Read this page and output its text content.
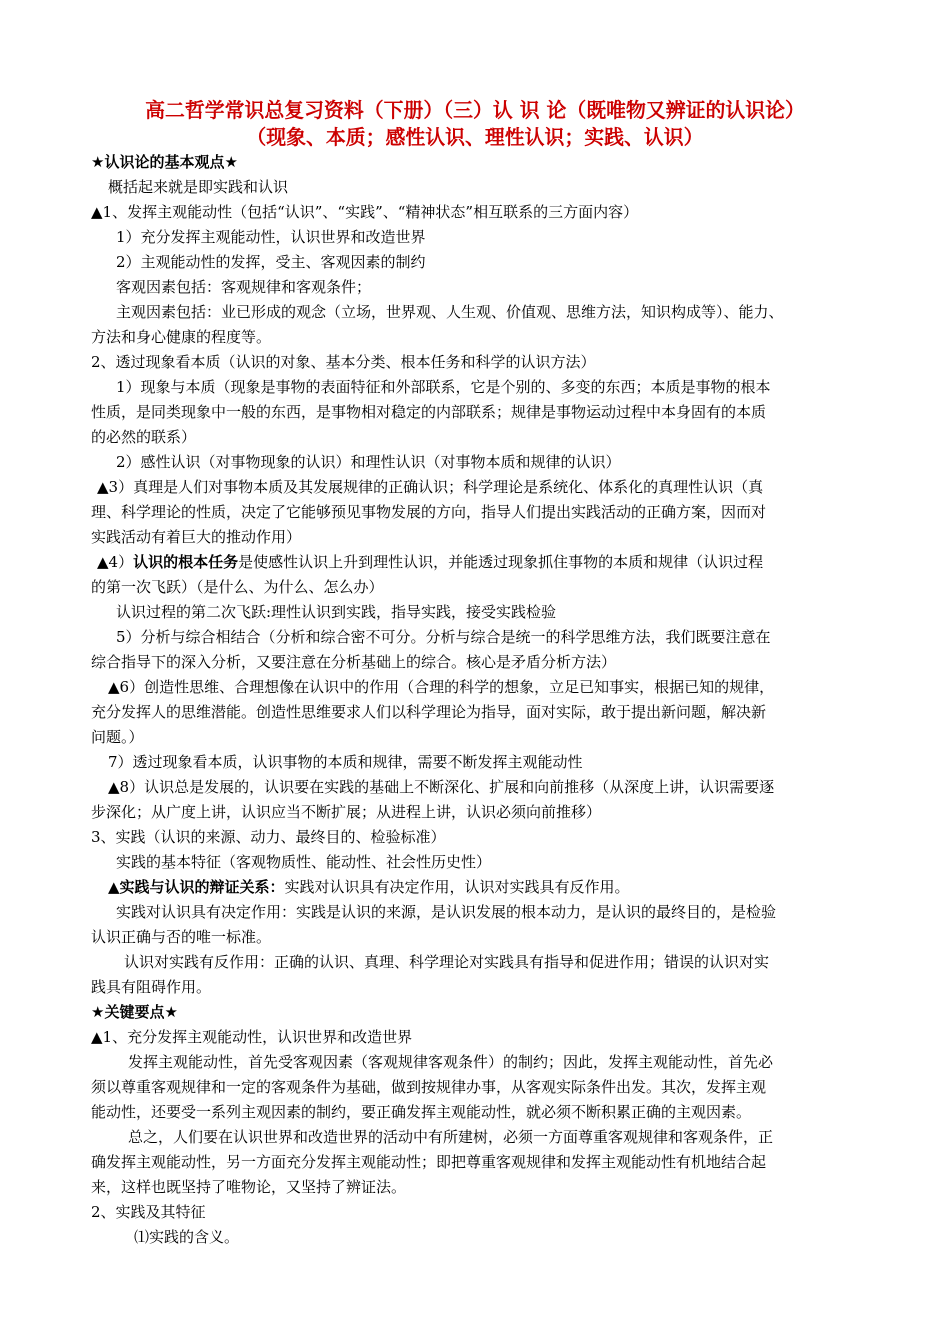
高二哲学常识总复习资料（下册）（三）认 识 论（既唯物又辨证的认识论）
（现象、本质；感性认识、理性认识；实践、认识）
★认识论的基本观点★
概括起来就是即实践和认识
▲1、发挥主观能动性（包括“认识”、“实践”、“精神状态”相互联系的三方面内容）
1）充分发挥主观能动性，认识世界和改造世界
2）主观能动性的发挥，受主、客观因素的制约
客观因素包括：客观规律和客观条件；
主观因素包括：业已形成的观念（立场，世界观、人生观、价值观、思维方法，知识构成等）、能力、
方法和身心健康的程度等。
2、透过现象看本质（认识的对象、基本分类、根本任务和科学的认识方法）
1）现象与本质（现象是事物的表面特征和外部联系，它是个别的、多变的东西；本质是事物的根本
性质，是同类现象中一般的东西，是事物相对稳定的内部联系；规律是事物运动过程中本身固有的本质
的必然的联系）
2）感性认识（对事物现象的认识）和理性认识（对事物本质和规律的认识）
▲3）真理是人们对事物本质及其发展规律的正确认识；科学理论是系统化、体系化的真理性认识（真
理、科学理论的性质，决定了它能够预见事物发展的方向，指导人们提出实践活动的正确方案，因而对
实践活动有着巨大的推动作用）
▲4）认识的根本任务是使感性认识上升到理性认识，并能透过现象抓住事物的本质和规律（认识过程
的第一次飞跃）（是什么、为什么、怎么办）
认识过程的第二次飞跃:理性认识到实践，指导实践，接受实践检验
5）分析与综合相结合（分析和综合密不可分。分析与综合是统一的科学思维方法，我们既要注意在
综合指导下的深入分析，又要注意在分析基础上的综合。核心是矛盾分析方法）
▲6）创造性思维、合理想像在认识中的作用（合理的科学的想象，立足已知事实，根据已知的规律，
充分发挥人的思维潜能。创造性思维要求人们以科学理论为指导，面对实际，敢于提出新问题，解决新
问题。）
7）透过现象看本质，认识事物的本质和规律，需要不断发挥主观能动性
▲8）认识总是发展的，认识要在实践的基础上不断深化、扩展和向前推移（从深度上讲，认识需要逐
步深化；从广度上讲，认识应当不断扩展；从进程上讲，认识必须向前推移）
3、实践（认识的来源、动力、最终目的、检验标准）
实践的基本特征（客观物质性、能动性、社会性历史性）
▲实践与认识的辩证关系：实践对认识具有决定作用，认识对实践具有反作用。
实践对认识具有决定作用：实践是认识的来源，是认识发展的根本动力，是认识的最终目的，是检验
认识正确与否的唯一标准。
认识对实践有反作用：正确的认识、真理、科学理论对实践具有指导和促进作用；错误的认识对实
践具有阻碍作用。
★关键要点★
▲1、充分发挥主观能动性，认识世界和改造世界
发挥主观能动性，首先受客观因素（客观规律客观条件）的制约；因此，发挥主观能动性，首先必
须以尊重客观规律和一定的客观条件为基础，做到按规律办事，从客观实际条件出发。其次，发挥主观
能动性，还要受一系列主观因素的制约，要正确发挥主观能动性，就必须不断积累正确的主观因素。
总之，人们要在认识世界和改造世界的活动中有所建树，必须一方面尊重客观规律和客观条件，正
确发挥主观能动性，另一方面充分发挥主观能动性；即把尊重客观规律和发挥主观能动性有机地结合起
来，这样也既坚持了唯物论，又坚持了辨证法。
2、实践及其特征
⑴实践的含义。
